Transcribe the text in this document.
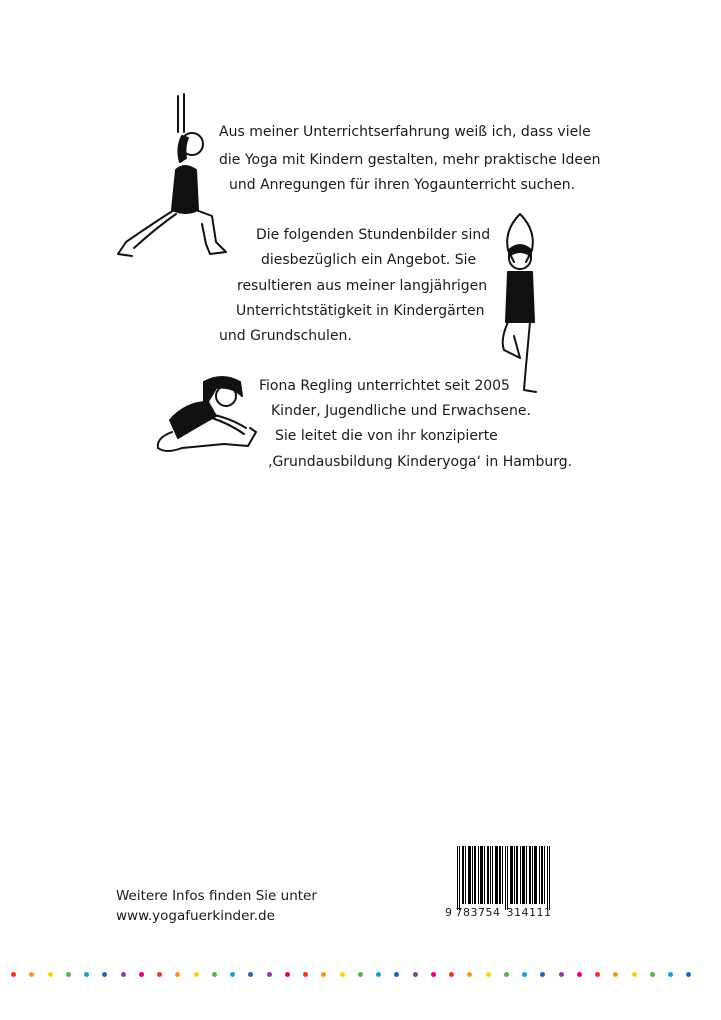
Aus meiner Unterrichtserfahrung weiß ich, dass viele
die Yoga mit Kindern gestalten, mehr praktische Ideen
und Anregungen für ihren Yogaunterricht suchen.
Die folgenden Stundenbilder sind
diesbezüglich ein Angebot. Sie
resultieren aus meiner langjährigen
Unterrichtstätigkeit in Kindergärten
und Grundschulen.
Fiona Regling unterrichtet seit 2005
Kinder, Jugendliche und Erwachsene.
Sie leitet die von ihr konzipierte
‚Grundausbildung Kinderyoga‘ in Hamburg.
Weitere Infos finden Sie unter
www.yogafuerkinder.de	9 783754 314111
